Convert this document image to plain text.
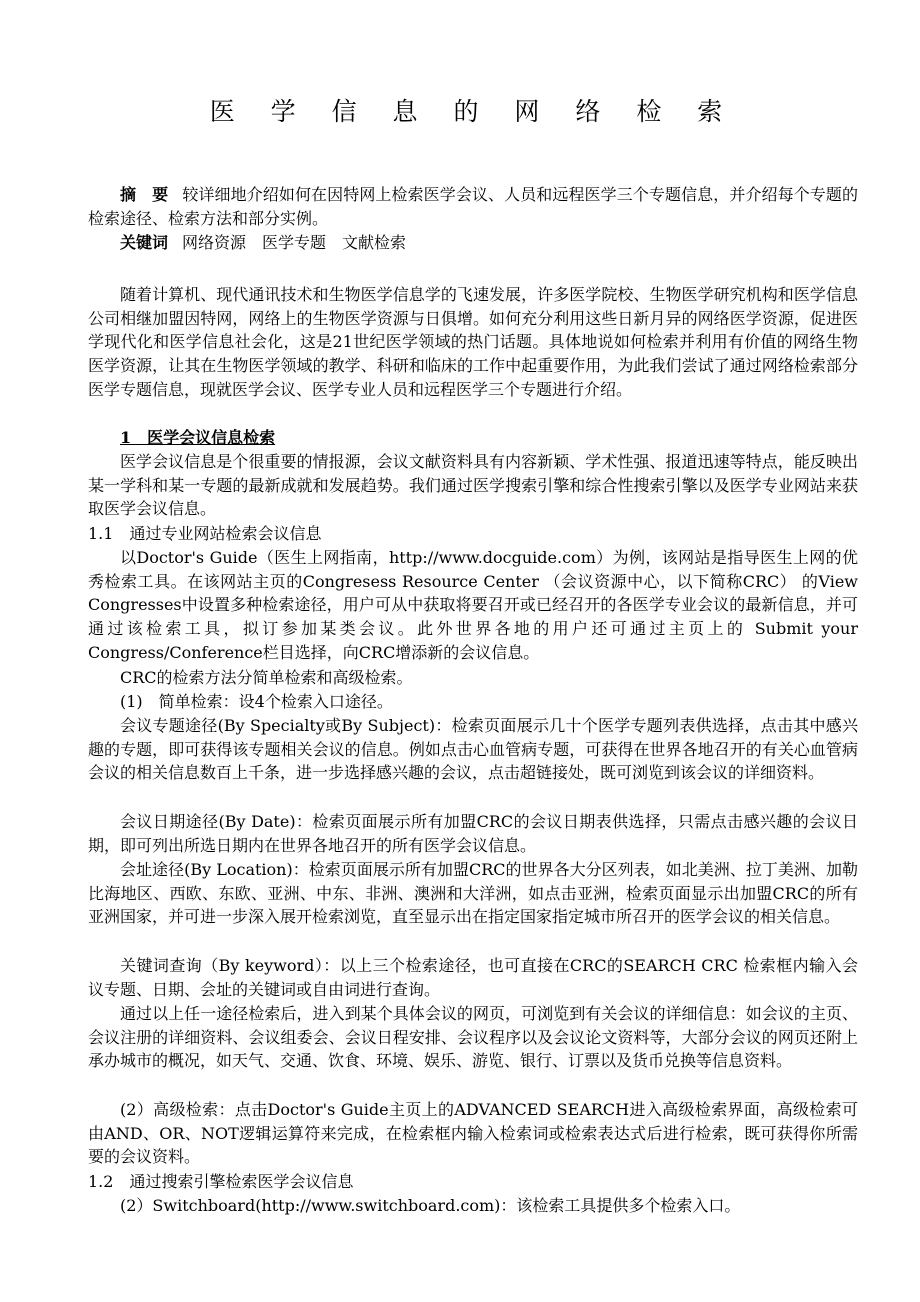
医 学 信 息 的 网 络 检 索

摘　要 较详细地介绍如何在因特网上检索医学会议、人员和远程医学三个专题信息，并介绍每个专题的检索途径、检索方法和部分实例。

关键词 网络资源　医学专题　文献检索

随着计算机、现代通讯技术和生物医学信息学的飞速发展，许多医学院校、生物医学研究机构和医学信息公司相继加盟因特网，网络上的生物医学资源与日俱增。如何充分利用这些日新月异的网络医学资源，促进医学现代化和医学信息社会化，这是21世纪医学领域的热门话题。具体地说如何检索并利用有价值的网络生物医学资源，让其在生物医学领域的教学、科研和临床的工作中起重要作用，为此我们尝试了通过网络检索部分医学专题信息，现就医学会议、医学专业人员和远程医学三个专题进行介绍。

1　医学会议信息检索

医学会议信息是个很重要的情报源，会议文献资料具有内容新颖、学术性强、报道迅速等特点，能反映出某一学科和某一专题的最新成就和发展趋势。我们通过医学搜索引擎和综合性搜索引擎以及医学专业网站来获取医学会议信息。

1.1　通过专业网站检索会议信息

以Doctor's Guide（医生上网指南，http://www.docguide.com）为例，该网站是指导医生上网的优秀检索工具。在该网站主页的Congresess Resource Center （会议资源中心，以下简称CRC） 的View Congresses中设置多种检索途径，用户可从中获取将要召开或已经召开的各医学专业会议的最新信息，并可通过该检索工具，拟订参加某类会议。此外世界各地的用户还可通过主页上的 Submit your Congress/Conference栏目选择，向CRC增添新的会议信息。

CRC的检索方法分简单检索和高级检索。

(1)　简单检索：设4个检索入口途径。

会议专题途径(By Specialty或By Subject)：检索页面展示几十个医学专题列表供选择，点击其中感兴趣的专题，即可获得该专题相关会议的信息。例如点击心血管病专题，可获得在世界各地召开的有关心血管病会议的相关信息数百上千条，进一步选择感兴趣的会议，点击超链接处，既可浏览到该会议的详细资料。

会议日期途径(By Date)：检索页面展示所有加盟CRC的会议日期表供选择，只需点击感兴趣的会议日期，即可列出所选日期内在世界各地召开的所有医学会议信息。

会址途径(By Location)：检索页面展示所有加盟CRC的世界各大分区列表，如北美洲、拉丁美洲、加勒比海地区、西欧、东欧、亚洲、中东、非洲、澳洲和大洋洲，如点击亚洲，检索页面显示出加盟CRC的所有亚洲国家，并可进一步深入展开检索浏览，直至显示出在指定国家指定城市所召开的医学会议的相关信息。

关键词查询（By keyword）：以上三个检索途径，也可直接在CRC的SEARCH CRC 检索框内输入会议专题、日期、会址的关键词或自由词进行查询。

通过以上任一途径检索后，进入到某个具体会议的网页，可浏览到有关会议的详细信息：如会议的主页、会议注册的详细资料、会议组委会、会议日程安排、会议程序以及会议论文资料等，大部分会议的网页还附上承办城市的概况，如天气、交通、饮食、环境、娱乐、游览、银行、订票以及货币兑换等信息资料。

(2）高级检索：点击Doctor's Guide主页上的ADVANCED SEARCH进入高级检索界面，高级检索可由AND、OR、NOT逻辑运算符来完成，在检索框内输入检索词或检索表达式后进行检索，既可获得你所需要的会议资料。

1.2　通过搜索引擎检索医学会议信息

(2）Switchboard(http://www.switchboard.com)：该检索工具提供多个检索入口。
